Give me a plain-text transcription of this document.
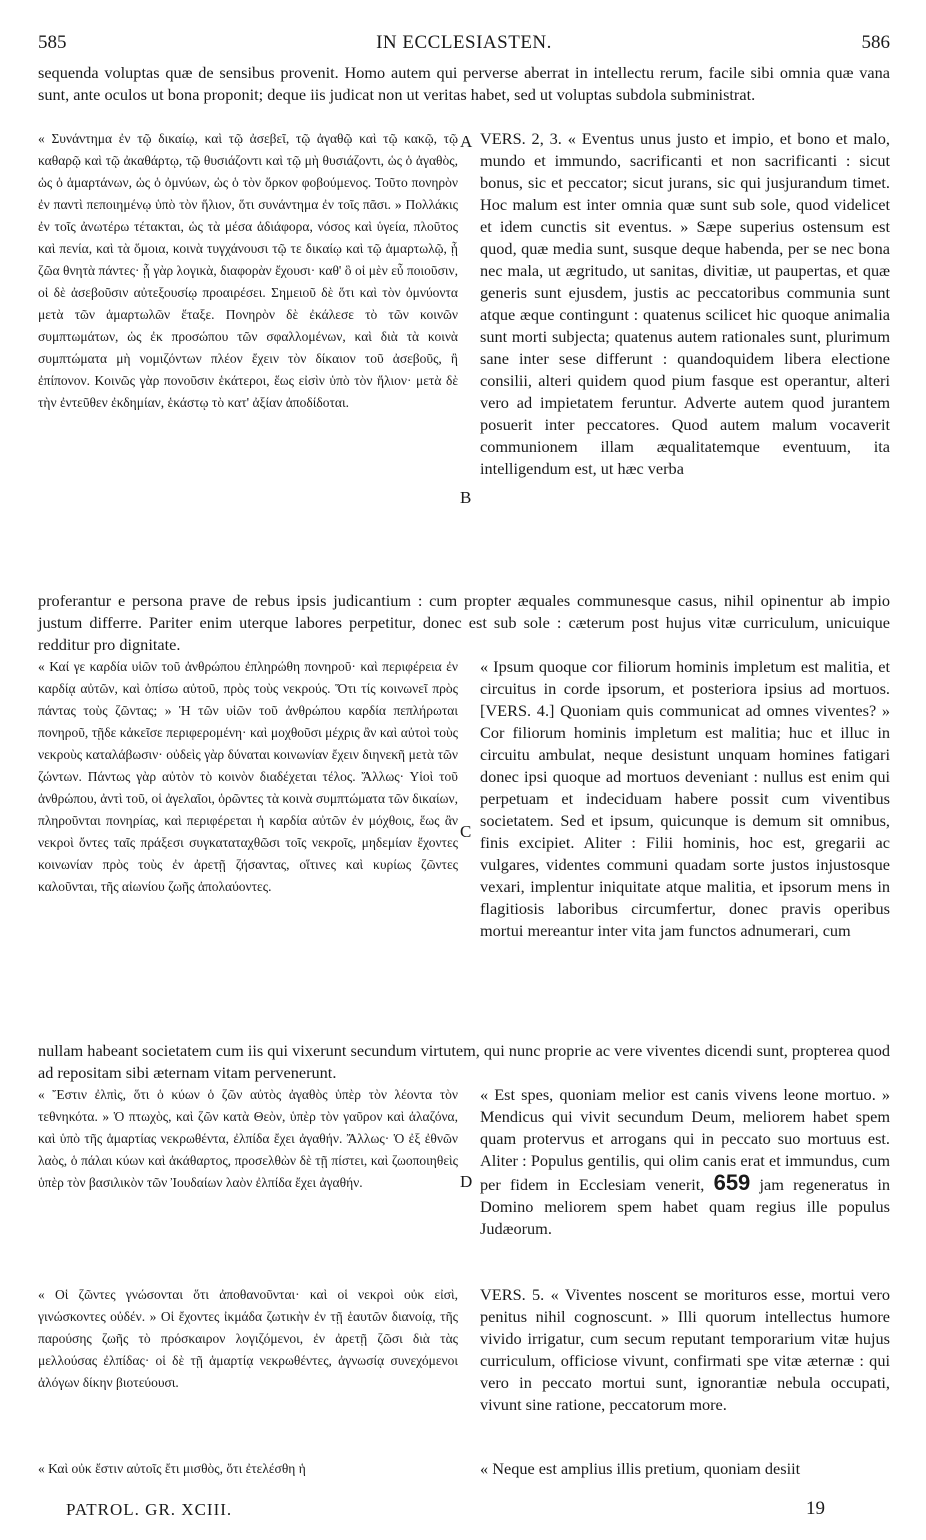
585	IN ECCLESIASTEN.	586

sequenda voluptas quæ de sensibus provenit. Homo autem qui perverse aberrat in intellectu rerum, facile sibi omnia quæ vana sunt, ante oculos ut bona proponit; deque iis judicat non ut veritas habet, sed ut voluptas subdola subministrat.

« Συνάντημα ἐν τῷ δικαίῳ, καὶ τῷ ἀσεβεῖ, τῷ ἀγαθῷ καὶ τῷ κακῷ, τῷ καθαρῷ καὶ τῷ ἀκαθάρτῳ, τῷ θυσιάζοντι καὶ τῷ μὴ θυσιάζοντι, ὡς ὁ ἀγαθὸς, ὡς ὁ ἁμαρτάνων, ὡς ὁ ὀμνύων, ὡς ὁ τὸν ὅρκον φοβούμενος. Τοῦτο πονηρὸν ἐν παντὶ πεποιημένῳ ὑπὸ τὸν ἥλιον, ὅτι συνάντημα ἐν τοῖς πᾶσι. » Πολλάκις ἐν τοῖς ἀνωτέρω τέτακται, ὡς τὰ μέσα ἀδιάφορα, νόσος καὶ ὑγεία, πλοῦτος καὶ πενία, καὶ τὰ ὅμοια, κοινὰ τυγχάνουσι τῷ τε δικαίῳ καὶ τῷ ἁμαρτωλῷ, ᾗ ζῶα θνητὰ πάντες· ᾗ γὰρ λογικὰ, διαφορὰν ἔχουσι· καθ' ὃ οἱ μὲν εὖ ποιοῦσιν, οἱ δὲ ἀσεβοῦσιν αὐτεξουσίῳ προαιρέσει. Σημειοῦ δὲ ὅτι καὶ τὸν ὀμνύοντα μετὰ τῶν ἁμαρτωλῶν ἔταξε. Πονηρὸν δὲ ἐκάλεσε τὸ τῶν κοινῶν συμπτωμάτων, ὡς ἐκ προσώπου τῶν σφαλλομένων, καὶ διὰ τὰ κοινὰ συμπτώματα μὴ νομιζόντων πλέον ἔχειν τὸν δίκαιον τοῦ ἀσεβοῦς, ἢ ἐπίπονον. Κοινῶς γὰρ πονοῦσιν ἑκάτεροι, ἕως εἰσὶν ὑπὸ τὸν ἥλιον· μετὰ δὲ τὴν ἐντεῦθεν ἐκδημίαν, ἑκάστῳ τὸ κατ' ἀξίαν ἀποδίδοται.

VERS. 2, 3. « Eventus unus justo et impio, et bono et malo, mundo et immundo, sacrificanti et non sacrificanti : sicut bonus, sic et peccator; sicut jurans, sic qui jusjurandum timet. Hoc malum est inter omnia quæ sunt sub sole, quod videlicet et idem cunctis sit eventus. » Sæpe superius ostensum est quod, quæ media sunt, susque deque habenda, per se nec bona nec mala, ut ægritudo, ut sanitas, divitiæ, ut paupertas, et quæ generis sunt ejusdem, justis ac peccatoribus communia sunt atque æque contingunt : quatenus scilicet hic quoque animalia sunt morti subjecta; quatenus autem rationales sunt, plurimum sane inter sese differunt : quandoquidem libera electione consilii, alteri quidem quod pium fasque est operantur, alteri vero ad impietatem feruntur. Adverte autem quod jurantem posuerit inter peccatores. Quod autem malum vocaverit communionem illam æqualitatemque eventuum, ita intelligendum est, ut hæc verba

A
B

proferantur e persona prave de rebus ipsis judicantium : cum propter æquales communesque casus, nihil opinentur ab impio justum differre. Pariter enim uterque labores perpetitur, donec est sub sole : cæterum post hujus vitæ curriculum, unicuique redditur pro dignitate.

« Καί γε καρδία υἱῶν τοῦ ἀνθρώπου ἐπληρώθη πονηροῦ· καὶ περιφέρεια ἐν καρδίᾳ αὐτῶν, καὶ ὀπίσω αὐτοῦ, πρὸς τοὺς νεκρούς. Ὅτι τίς κοινωνεῖ πρὸς πάντας τοὺς ζῶντας; » Ἡ τῶν υἱῶν τοῦ ἀνθρώπου καρδία πεπλήρωται πονηροῦ, τῇδε κἀκεῖσε περιφερομένη· καὶ μοχθοῦσι μέχρις ἂν καὶ αὐτοὶ τοὺς νεκροὺς καταλάβωσιν· οὐδεὶς γὰρ δύναται κοινωνίαν ἔχειν διηνεκῆ μετὰ τῶν ζώντων. Πάντως γὰρ αὐτὸν τὸ κοινὸν διαδέχεται τέλος. Ἄλλως· Υἱοὶ τοῦ ἀνθρώπου, ἀντὶ τοῦ, οἱ ἀγελαῖοι, ὁρῶντες τὰ κοινὰ συμπτώματα τῶν δικαίων, πληροῦνται πονηρίας, καὶ περιφέρεται ἡ καρδία αὐτῶν ἐν μόχθοις, ἕως ἂν νεκροὶ ὄντες ταῖς πράξεσι συγκαταταχθῶσι τοῖς νεκροῖς, μηδεμίαν ἔχοντες κοινωνίαν πρὸς τοὺς ἐν ἀρετῇ ζήσαντας, οἵτινες καὶ κυρίως ζῶντες καλοῦνται, τῆς αἰωνίου ζωῆς ἀπολαύοντες.

« Ipsum quoque cor filiorum hominis impletum est malitia, et circuitus in corde ipsorum, et posteriora ipsius ad mortuos. [VERS. 4.] Quoniam quis communicat ad omnes viventes? » Cor filiorum hominis impletum est malitia; huc et illuc in circuitu ambulat, neque desistunt unquam homines fatigari donec ipsi quoque ad mortuos deveniant : nullus est enim qui perpetuam et indeciduam habere possit cum viventibus societatem. Sed et ipsum, quicunque is demum sit omnibus, finis excipiet. Aliter : Filii hominis, hoc est, gregarii ac vulgares, videntes communi quadam sorte justos injustosque vexari, implentur iniquitate atque malitia, et ipsorum mens in flagitiosis laboribus circumfertur, donec pravis operibus mortui mereantur inter vita jam functos adnumerari, cum

C

nullam habeant societatem cum iis qui vixerunt secundum virtutem, qui nunc proprie ac vere viventes dicendi sunt, propterea quod ad repositam sibi æternam vitam pervenerunt.

« Ἔστιν ἐλπὶς, ὅτι ὁ κύων ὁ ζῶν αὐτὸς ἀγαθὸς ὑπὲρ τὸν λέοντα τὸν τεθνηκότα. » Ὁ πτωχὸς, καὶ ζῶν κατὰ Θεὸν, ὑπὲρ τὸν γαῦρον καὶ ἀλαζόνα, καὶ ὑπὸ τῆς ἁμαρτίας νεκρωθέντα, ἐλπίδα ἔχει ἀγαθήν. Ἄλλως· Ὁ ἐξ ἐθνῶν λαὸς, ὁ πάλαι κύων καὶ ἀκάθαρτος, προσελθὼν δὲ τῇ πίστει, καὶ ζωοποιηθεὶς ὑπὲρ τὸν βασιλικὸν τῶν Ἰουδαίων λαὸν ἐλπίδα ἔχει ἀγαθήν.

« Est spes, quoniam melior est canis vivens leone mortuo. » Mendicus qui vivit secundum Deum, meliorem habet spem quam protervus et arrogans qui in peccato suo mortuus est. Aliter : Populus gentilis, qui olim canis erat et immundus, cum per fidem in Ecclesiam venerit, 659 jam regeneratus in Domino meliorem spem habet quam regius ille populus Judæorum.

D

« Οἱ ζῶντες γνώσονται ὅτι ἀποθανοῦνται· καὶ οἱ νεκροὶ οὐκ εἰσὶ, γινώσκοντες οὐδέν. » Οἱ ἔχοντες ἰκμάδα ζωτικὴν ἐν τῇ ἑαυτῶν διανοίᾳ, τῆς παρούσης ζωῆς τὸ πρόσκαιρον λογιζόμενοι, ἐν ἀρετῇ ζῶσι διὰ τὰς μελλούσας ἐλπίδας· οἱ δὲ τῇ ἁμαρτίᾳ νεκρωθέντες, ἀγνωσίᾳ συνεχόμενοι ἀλόγων δίκην βιοτεύουσι.

VERS. 5. « Viventes noscent se morituros esse, mortui vero penitus nihil cognoscunt. » Illi quorum intellectus humore vivido irrigatur, cum secum reputant temporarium vitæ hujus curriculum, officiose vivunt, confirmati spe vitæ æternæ : qui vero in peccato mortui sunt, ignorantiæ nebula occupati, vivunt sine ratione, peccatorum more.

« Καὶ οὐκ ἔστιν αὐτοῖς ἔτι μισθὸς, ὅτι ἐτελέσθη ἡ	« Neque est amplius illis pretium, quoniam desiit

PATROL. GR. XCIII.	19
